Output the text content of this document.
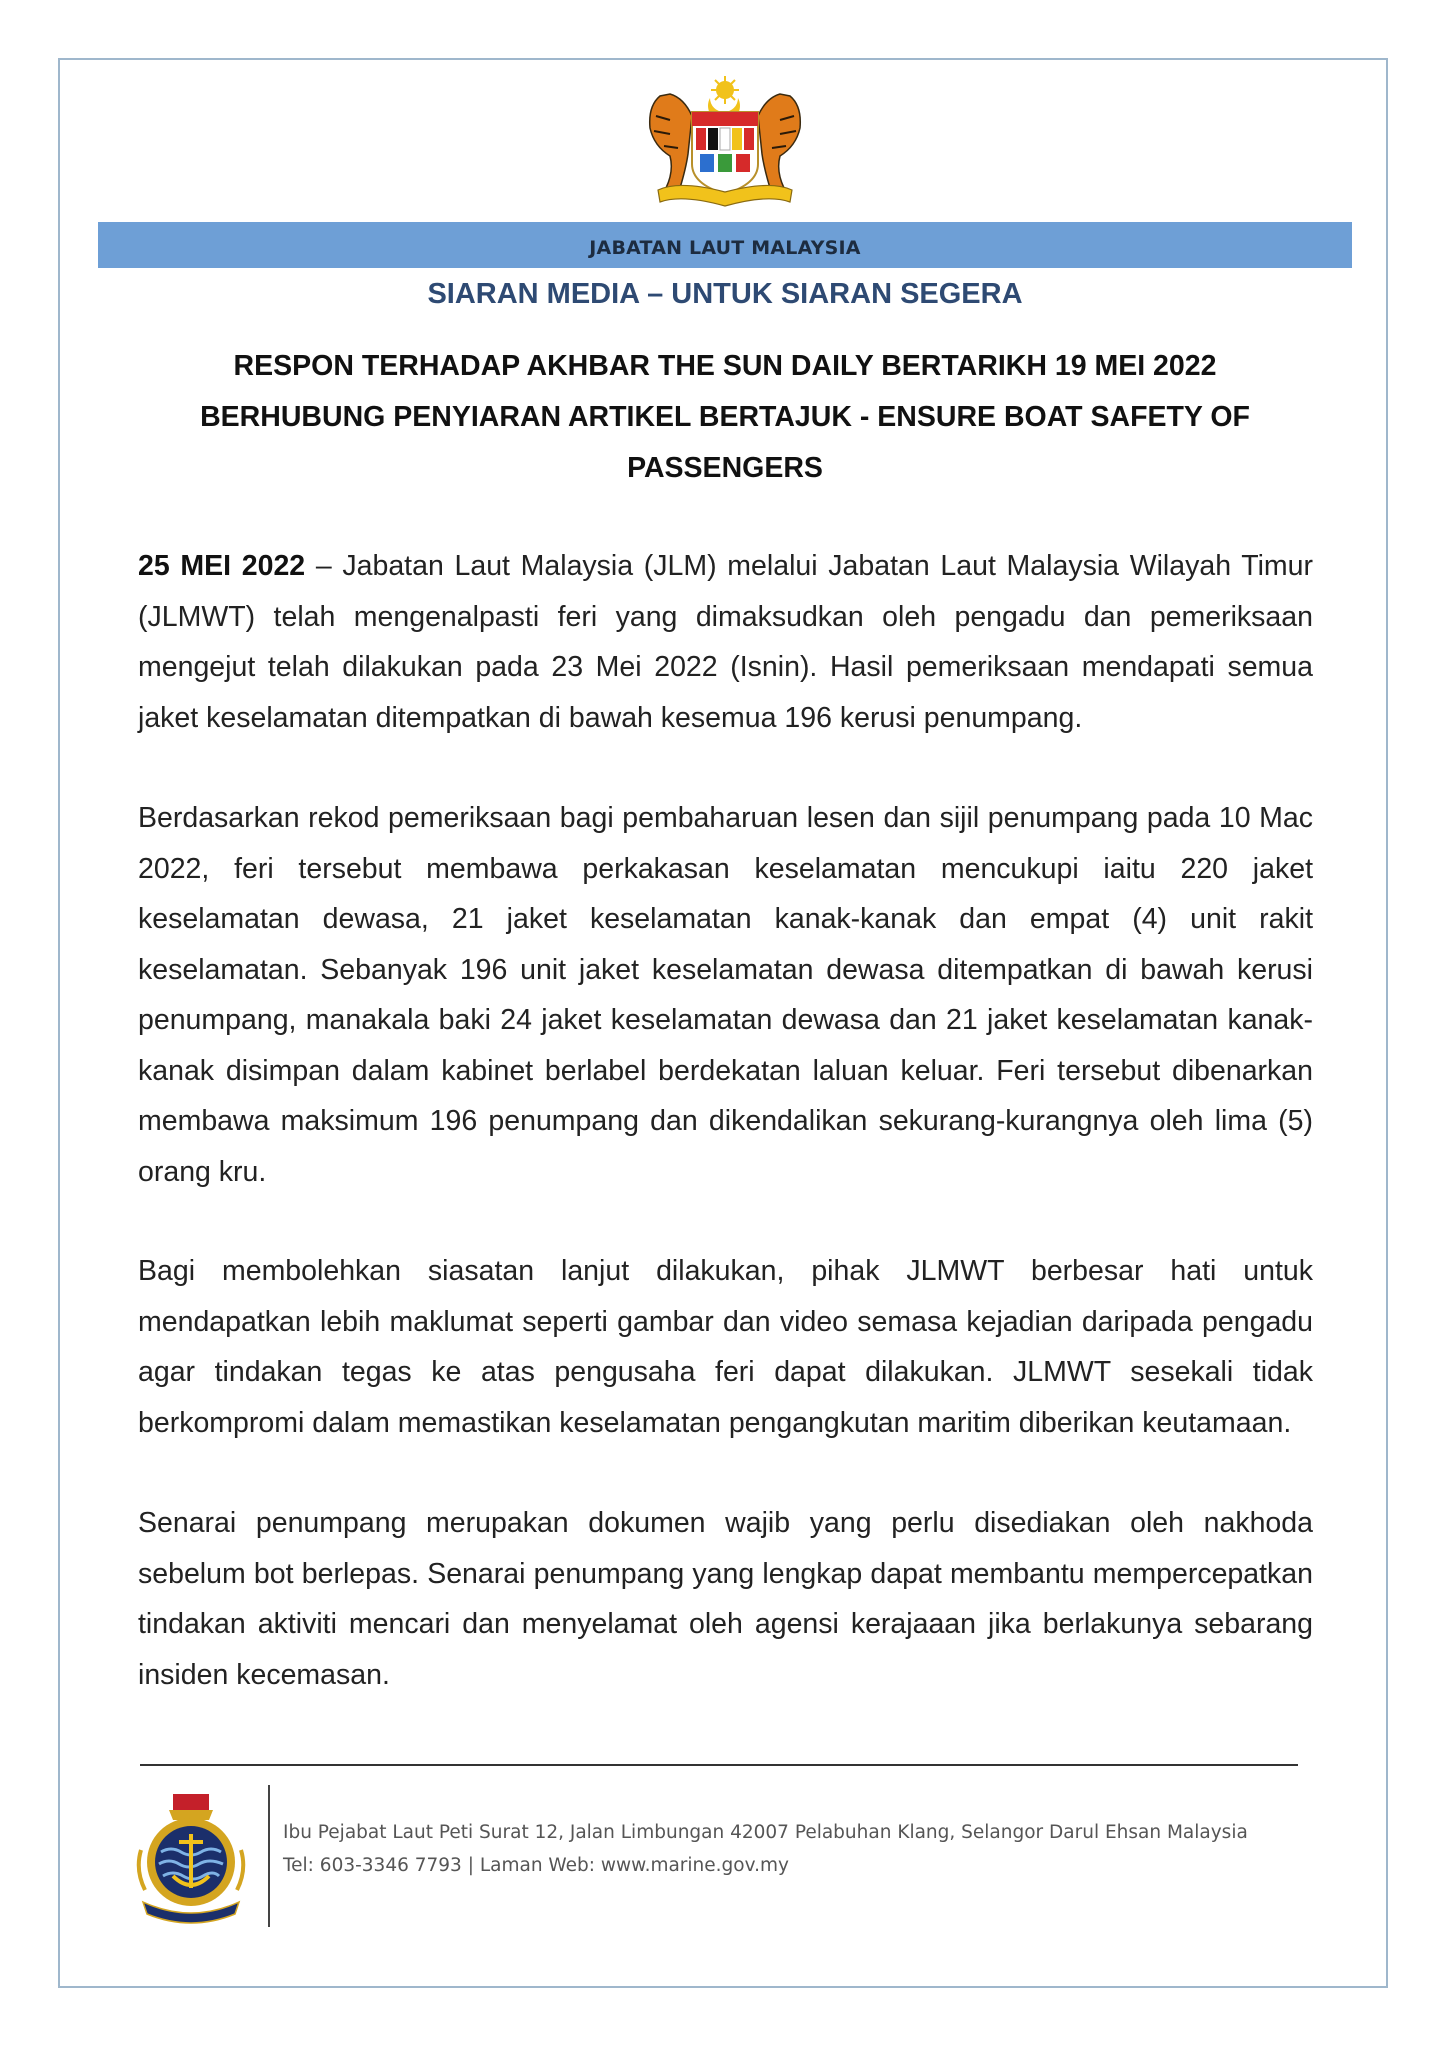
JABATAN LAUT MALAYSIA
SIARAN MEDIA – UNTUK SIARAN SEGERA
RESPON TERHADAP AKHBAR THE SUN DAILY BERTARIKH 19 MEI 2022
BERHUBUNG PENYIARAN ARTIKEL BERTAJUK - ENSURE BOAT SAFETY OF
PASSENGERS
25 MEI 2022 – Jabatan Laut Malaysia (JLM) melalui Jabatan Laut Malaysia Wilayah Timur (JLMWT) telah mengenalpasti feri yang dimaksudkan oleh pengadu dan pemeriksaan mengejut telah dilakukan pada 23 Mei 2022 (Isnin). Hasil pemeriksaan mendapati semua jaket keselamatan ditempatkan di bawah kesemua 196 kerusi penumpang.
Berdasarkan rekod pemeriksaan bagi pembaharuan lesen dan sijil penumpang pada 10 Mac 2022, feri tersebut membawa perkakasan keselamatan mencukupi iaitu 220 jaket keselamatan dewasa, 21 jaket keselamatan kanak-kanak dan empat (4) unit rakit keselamatan. Sebanyak 196 unit jaket keselamatan dewasa ditempatkan di bawah kerusi penumpang, manakala baki 24 jaket keselamatan dewasa dan 21 jaket keselamatan kanak-kanak disimpan dalam kabinet berlabel berdekatan laluan keluar. Feri tersebut dibenarkan membawa maksimum 196 penumpang dan dikendalikan sekurang-kurangnya oleh lima (5) orang kru.
Bagi membolehkan siasatan lanjut dilakukan, pihak JLMWT berbesar hati untuk mendapatkan lebih maklumat seperti gambar dan video semasa kejadian daripada pengadu agar tindakan tegas ke atas pengusaha feri dapat dilakukan. JLMWT sesekali tidak berkompromi dalam memastikan keselamatan pengangkutan maritim diberikan keutamaan.
Senarai penumpang merupakan dokumen wajib yang perlu disediakan oleh nakhoda sebelum bot berlepas. Senarai penumpang yang lengkap dapat membantu mempercepatkan tindakan aktiviti mencari dan menyelamat oleh agensi kerajaaan jika berlakunya sebarang insiden kecemasan.
Ibu Pejabat Laut Peti Surat 12, Jalan Limbungan 42007 Pelabuhan Klang, Selangor Darul Ehsan Malaysia
Tel: 603-3346 7793 | Laman Web: www.marine.gov.my
